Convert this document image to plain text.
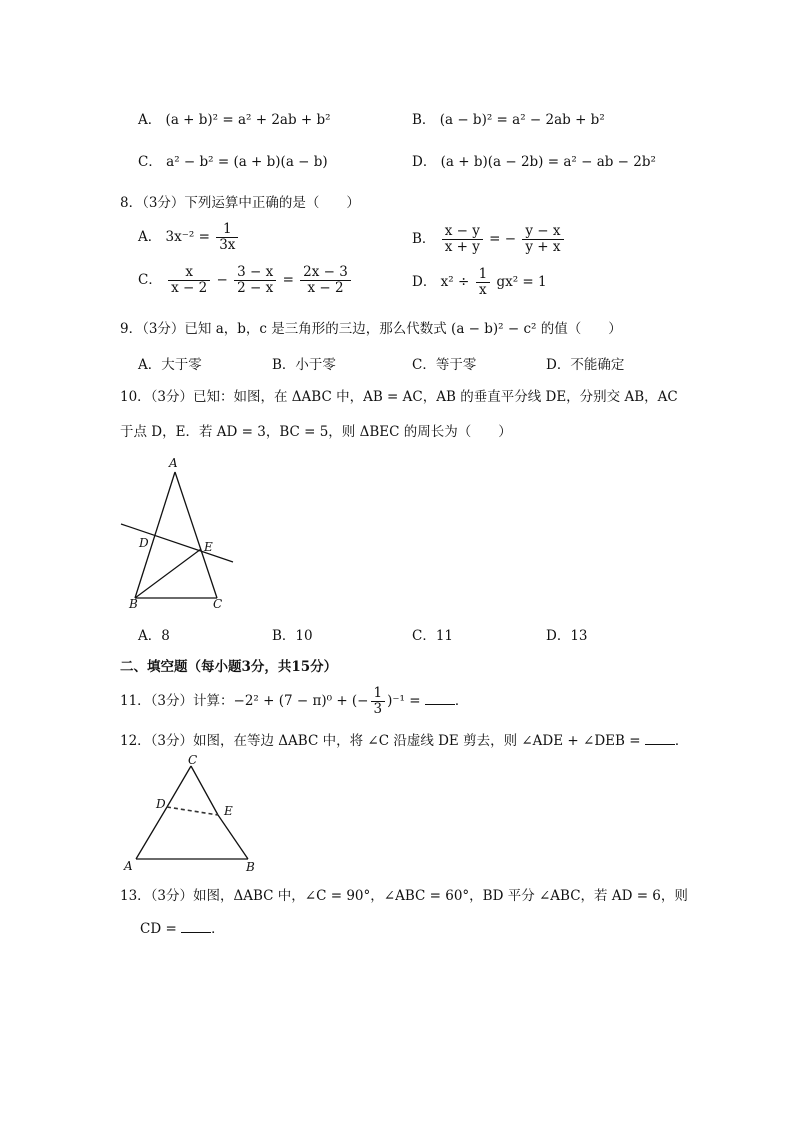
A． (a + b)² = a² + 2ab + b²	B． (a − b)² = a² − 2ab + b²
C． a² − b² = (a + b)(a − b)	D． (a + b)(a − 2b) = a² − ab − 2b²
8．（3分）下列运算中正确的是（　　）
A． $3x^{-2} = \frac{1}{3x}$	B． $\frac{x - y}{x + y}$ = − $\frac{y - x}{y + x}$
C． $\frac{x}{x - 2} - \frac{3 - x}{2 - x} = \frac{2x - 3}{x - 2}$	D． $x^2 \div \frac{1}{x} gx^2 = 1$
9．（3分）已知 a，b，c 是三角形的三边，那么代数式 (a − b)² − c² 的值（　　）
A．大于零	B．小于零	C．等于零	D．不能确定
10．（3分）已知：如图，在 ΔABC 中，AB = AC，AB 的垂直平分线 DE，分别交 AB，AC
于点 D，E．若 AD = 3，BC = 5，则 ΔBEC 的周长为（　　）
A
D	E
B	C
A．8	B．10	C．11	D．13
二、填空题（每小题3分，共15分）
11．（3分）计算：−2² + (7 − π)⁰ + (− $\frac{1}{3} )^{-1}$ =	．
12．（3分）如图，在等边 ΔABC 中，将 ∠C 沿虚线 DE 剪去，则 ∠ADE + ∠DEB =	．
C
D	E
A	B
13．（3分）如图，ΔABC 中，∠C = 90°，∠ABC = 60°，BD 平分 ∠ABC，若 AD = 6，则
CD =	．
